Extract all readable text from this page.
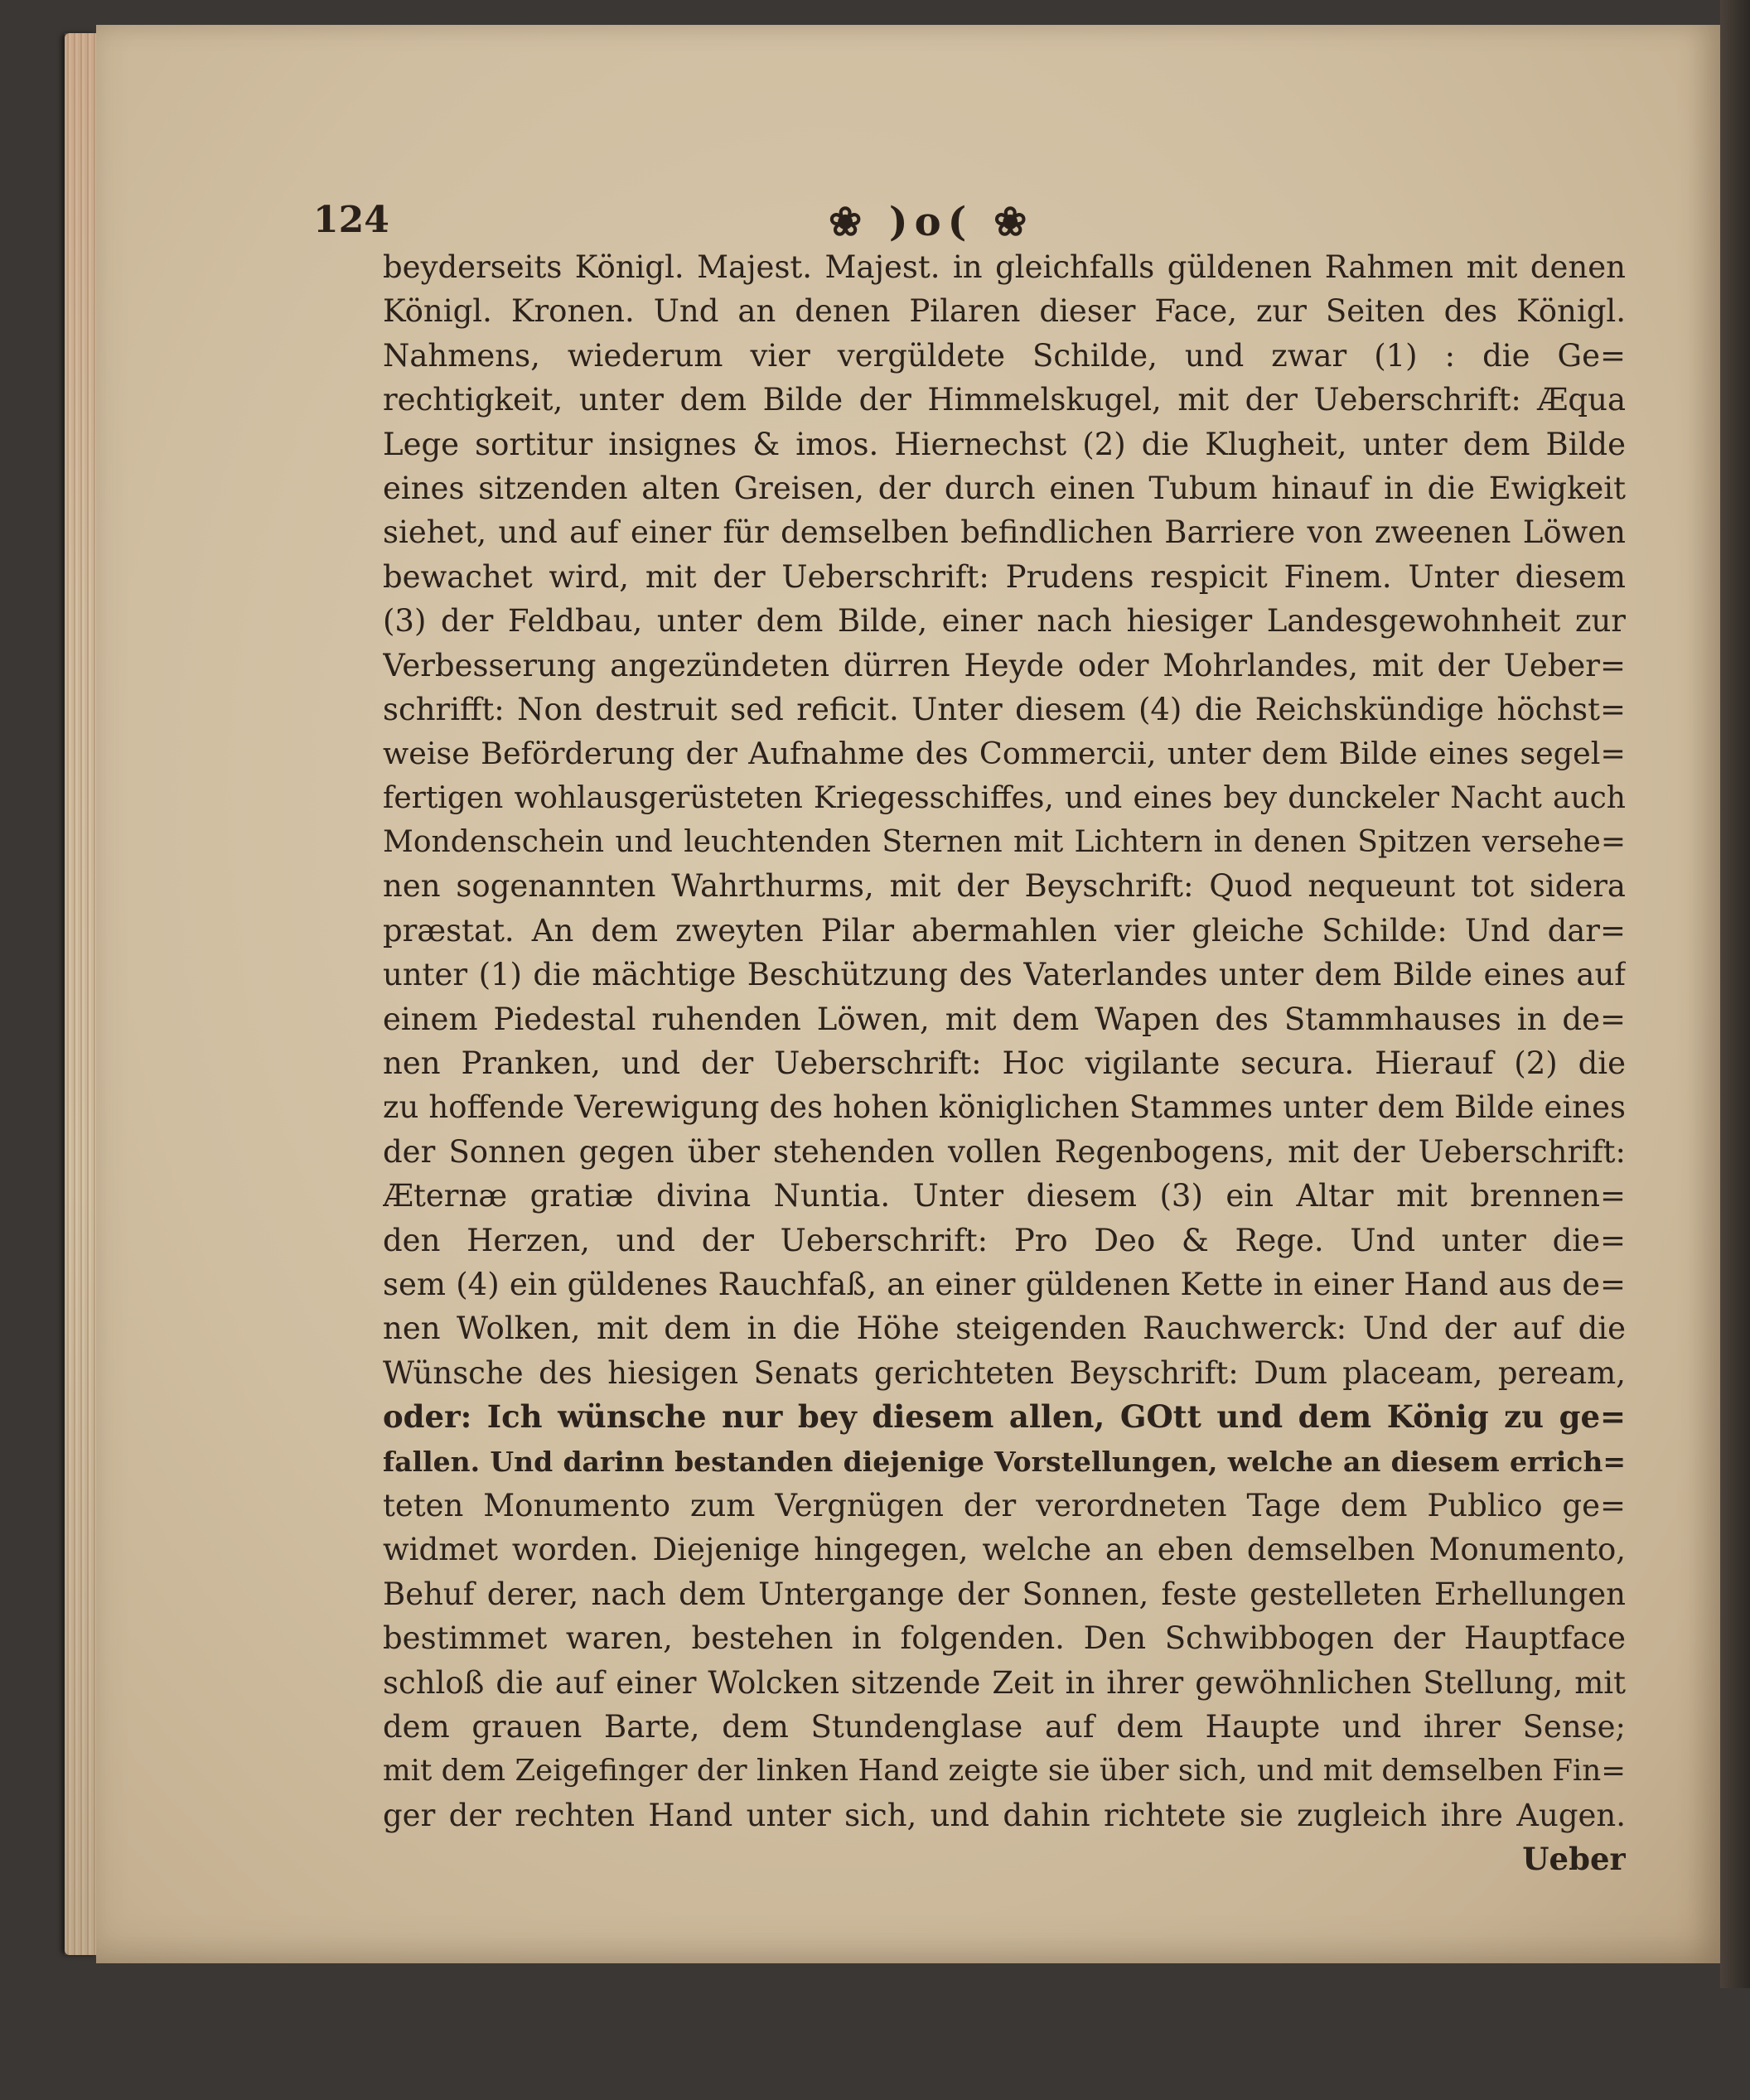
124	❀ )o( ❀
beyderseits Königl. Majest. Majest. in gleichfalls güldenen Rahmen mit denen
Königl. Kronen. Und an denen Pilaren dieser Face, zur Seiten des Königl.
Nahmens, wiederum vier vergüldete Schilde, und zwar (1) : die Ge=
rechtigkeit, unter dem Bilde der Himmelskugel, mit der Ueberschrift: Æqua
Lege sortitur insignes & imos. Hiernechst (2) die Klugheit, unter dem Bilde
eines sitzenden alten Greisen, der durch einen Tubum hinauf in die Ewigkeit
siehet, und auf einer für demselben befindlichen Barriere von zweenen Löwen
bewachet wird, mit der Ueberschrift: Prudens respicit Finem. Unter diesem
(3) der Feldbau, unter dem Bilde, einer nach hiesiger Landesgewohnheit zur
Verbesserung angezündeten dürren Heyde oder Mohrlandes, mit der Ueber=
schrifft: Non destruit sed reficit. Unter diesem (4) die Reichskündige höchst=
weise Beförderung der Aufnahme des Commercii, unter dem Bilde eines segel=
fertigen wohlausgerüsteten Kriegesschiffes, und eines bey dunckeler Nacht auch
Mondenschein und leuchtenden Sternen mit Lichtern in denen Spitzen versehe=
nen sogenannten Wahrthurms, mit der Beyschrift: Quod nequeunt tot sidera
præstat. An dem zweyten Pilar abermahlen vier gleiche Schilde: Und dar=
unter (1) die mächtige Beschützung des Vaterlandes unter dem Bilde eines auf
einem Piedestal ruhenden Löwen, mit dem Wapen des Stammhauses in de=
nen Pranken, und der Ueberschrift: Hoc vigilante secura. Hierauf (2) die
zu hoffende Verewigung des hohen königlichen Stammes unter dem Bilde eines
der Sonnen gegen über stehenden vollen Regenbogens, mit der Ueberschrift:
Æternæ gratiæ divina Nuntia. Unter diesem (3) ein Altar mit brennen=
den Herzen, und der Ueberschrift: Pro Deo & Rege. Und unter die=
sem (4) ein güldenes Rauchfaß, an einer güldenen Kette in einer Hand aus de=
nen Wolken, mit dem in die Höhe steigenden Rauchwerck: Und der auf die
Wünsche des hiesigen Senats gerichteten Beyschrift: Dum placeam, peream,
oder: Ich wünsche nur bey diesem allen, GOtt und dem König zu ge=
fallen. Und darinn bestanden diejenige Vorstellungen, welche an diesem errich=
teten Monumento zum Vergnügen der verordneten Tage dem Publico ge=
widmet worden. Diejenige hingegen, welche an eben demselben Monumento,
Behuf derer, nach dem Untergange der Sonnen, feste gestelleten Erhellungen
bestimmet waren, bestehen in folgenden. Den Schwibbogen der Hauptface
schloß die auf einer Wolcken sitzende Zeit in ihrer gewöhnlichen Stellung, mit
dem grauen Barte, dem Stundenglase auf dem Haupte und ihrer Sense;
mit dem Zeigefinger der linken Hand zeigte sie über sich, und mit demselben Fin=
ger der rechten Hand unter sich, und dahin richtete sie zugleich ihre Augen.
Ueber
